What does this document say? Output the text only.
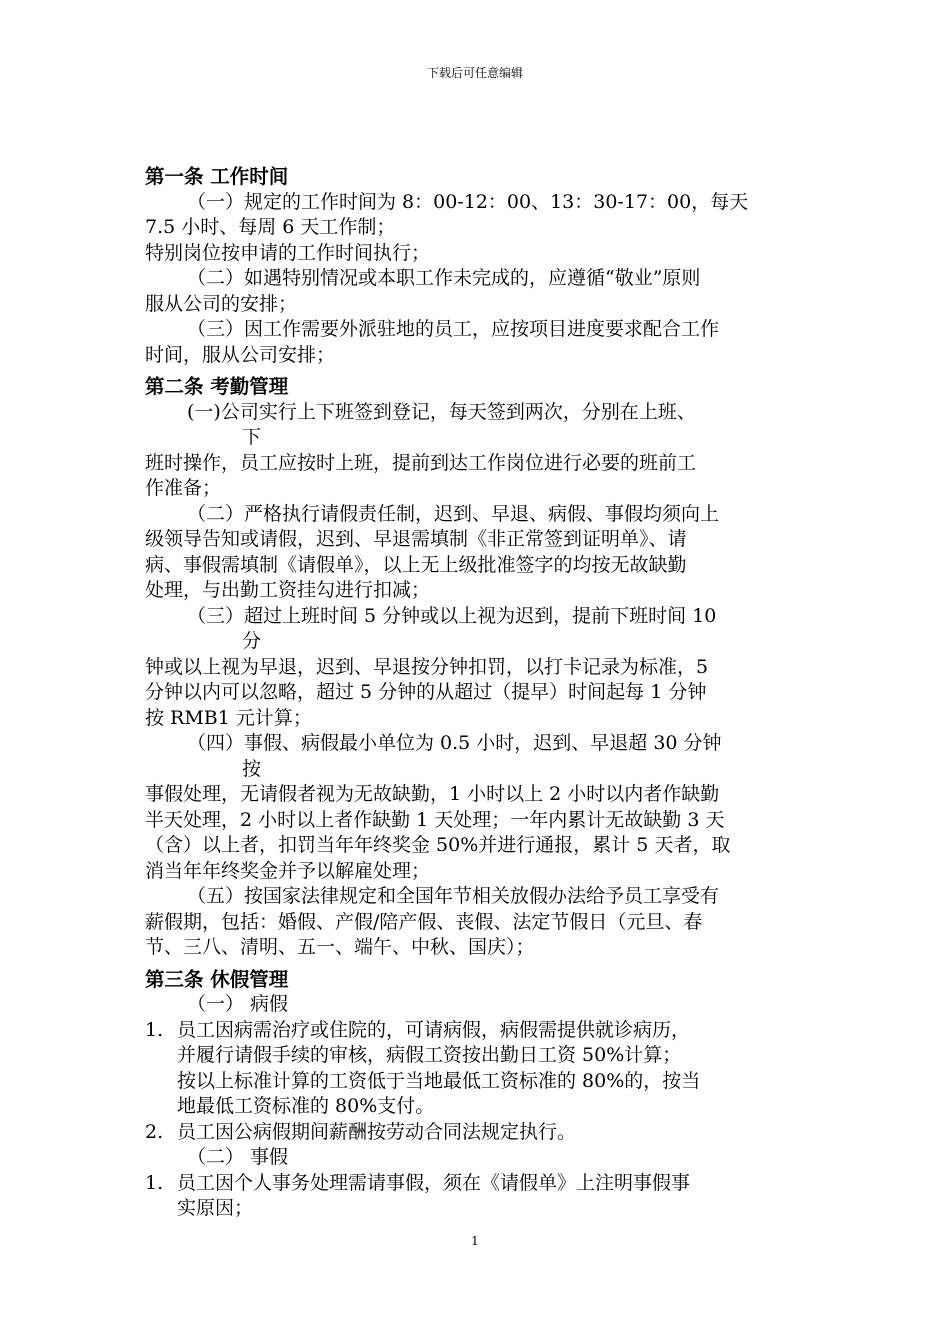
下载后可任意编辑
第一条 工作时间
（一）规定的工作时间为 8：00-12：00、13：30-17：00，每天
7.5 小时、每周 6 天工作制；
特别岗位按申请的工作时间执行；
（二）如遇特别情况或本职工作未完成的，应遵循“敬业”原则
服从公司的安排；
（三）因工作需要外派驻地的员工，应按项目进度要求配合工作
时间，服从公司安排；
第二条 考勤管理
(一)公司实行上下班签到登记，每天签到两次，分别在上班、
下
班时操作，员工应按时上班，提前到达工作岗位进行必要的班前工
作准备；
（二）严格执行请假责任制，迟到、早退、病假、事假均须向上
级领导告知或请假，迟到、早退需填制《非正常签到证明单》、请
病、事假需填制《请假单》，以上无上级批准签字的均按无故缺勤
处理，与出勤工资挂勾进行扣减；
（三）超过上班时间 5 分钟或以上视为迟到，提前下班时间 10
分
钟或以上视为早退，迟到、早退按分钟扣罚，以打卡记录为标准，5
分钟以内可以忽略，超过 5 分钟的从超过（提早）时间起每 1 分钟
按 RMB1 元计算；
（四）事假、病假最小单位为 0.5 小时，迟到、早退超 30 分钟
按
事假处理，无请假者视为无故缺勤，1 小时以上 2 小时以内者作缺勤
半天处理，2 小时以上者作缺勤 1 天处理；一年内累计无故缺勤 3 天
（含）以上者，扣罚当年年终奖金 50%并进行通报，累计 5 天者，取
消当年年终奖金并予以解雇处理；
（五）按国家法律规定和全国年节相关放假办法给予员工享受有
薪假期，包括：婚假、产假/陪产假、丧假、法定节假日（元旦、春
节、三八、清明、五一、端午、中秋、国庆）；
第三条 休假管理
（一） 病假
1. 员工因病需治疗或住院的，可请病假，病假需提供就诊病历，
并履行请假手续的审核，病假工资按出勤日工资 50%计算；
按以上标准计算的工资低于当地最低工资标准的 80%的，按当
地最低工资标准的 80%支付。
2. 员工因公病假期间薪酬按劳动合同法规定执行。
（二） 事假
1. 员工因个人事务处理需请事假，须在《请假单》上注明事假事
实原因；
1
